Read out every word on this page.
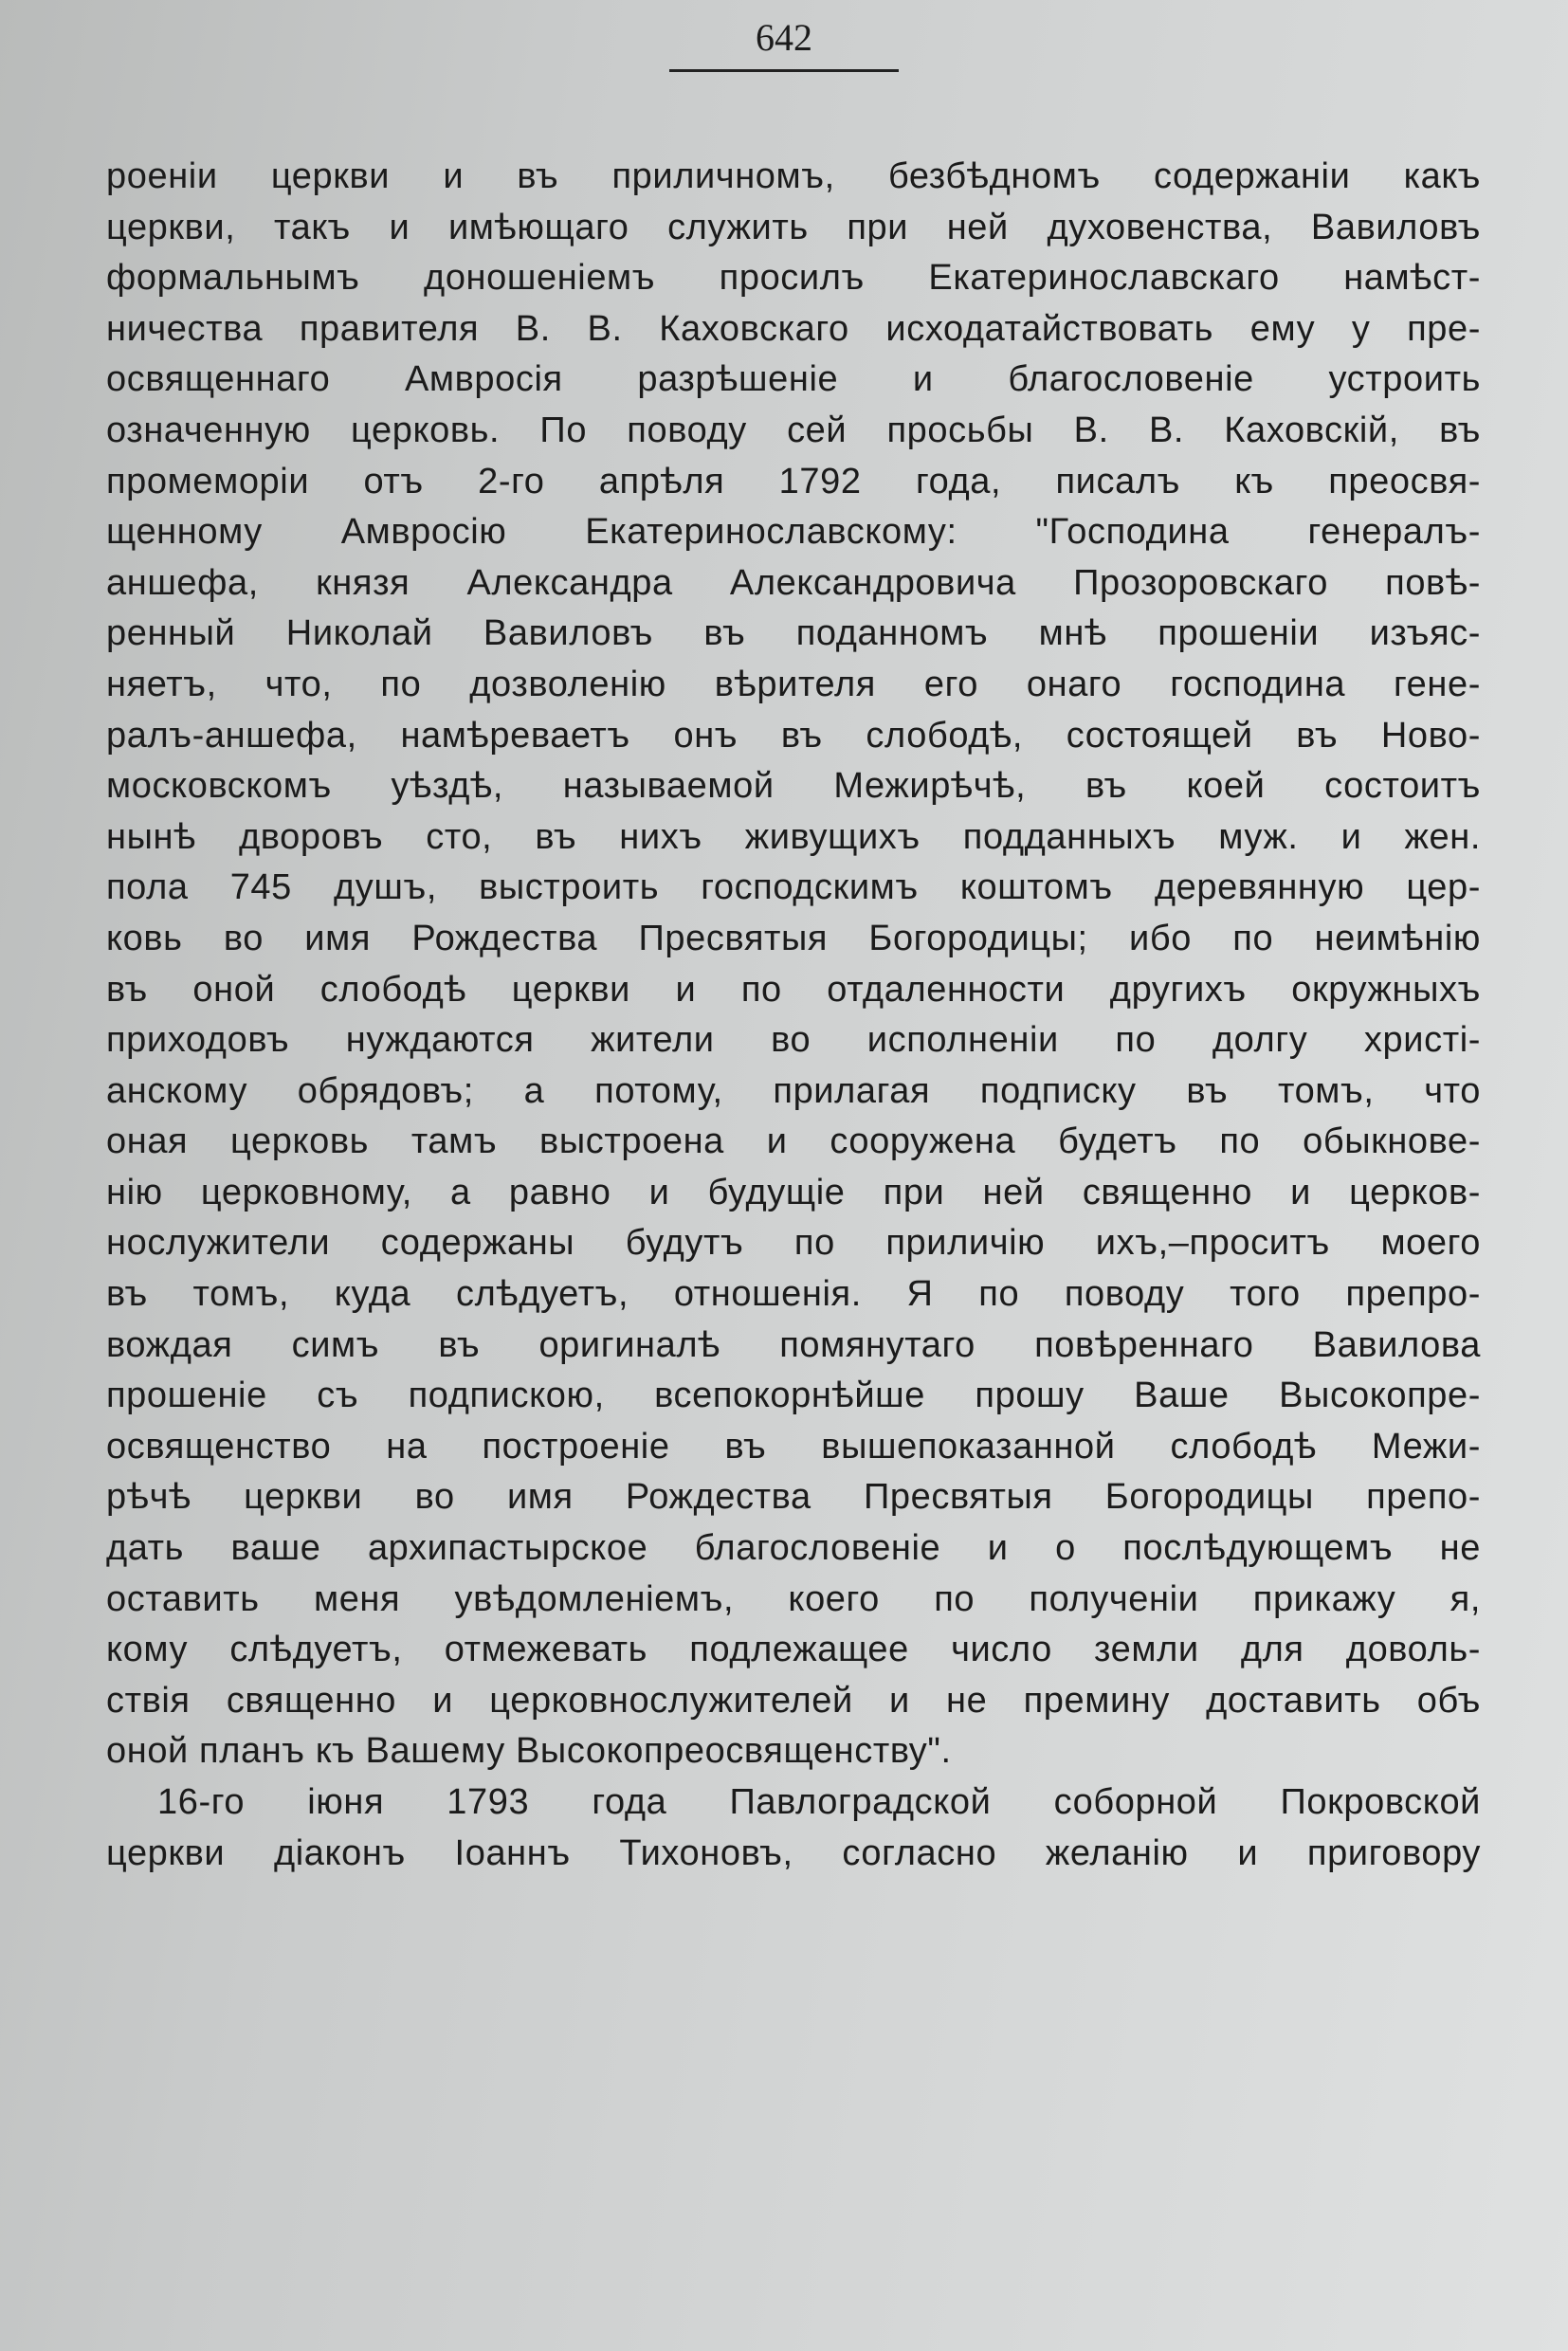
642
роенiи церкви и въ приличномъ, безбѣдномъ содержанiи какъ
церкви, такъ и имѣющаго служить при ней духовенства, Вавиловъ
формальнымъ доношенiемъ просилъ Екатеринославскаго намѣст-
ничества правителя В. В. Каховскаго исходатайствовать ему у пре-
освященнаго Амвросiя разрѣшенiе и благословенiе устроить
означенную церковь. По поводу сей просьбы В. В. Каховскiй, въ
промеморiи отъ 2-го апрѣля 1792 года, писалъ къ преосвя-
щенному Амвросiю Екатеринославскому: "Господина генералъ-
аншефа, князя Александра Александровича Прозоровскаго повѣ-
ренный Николай Вавиловъ въ поданномъ мнѣ прошенiи изъяс-
няетъ, что, по дозволенiю вѣрителя его онаго господина гене-
ралъ-аншефа, намѣреваетъ онъ въ слободѣ, состоящей въ Ново-
московскомъ уѣздѣ, называемой Межирѣчѣ, въ коей состоитъ
нынѣ дворовъ сто, въ нихъ живущихъ подданныхъ муж. и жен.
пола 745 душъ, выстроить господскимъ коштомъ деревянную цер-
ковь во имя Рождества Пресвятыя Богородицы; ибо по неимѣнiю
въ оной слободѣ церкви и по отдаленности другихъ окружныхъ
приходовъ нуждаются жители во исполненiи по долгу христi-
анскому обрядовъ; а потому, прилагая подписку въ томъ, что
оная церковь тамъ выстроена и сооружена будетъ по обыкнове-
нiю церковному, а равно и будущiе при ней священно и церков-
нослужители содержаны будутъ по приличiю ихъ,–проситъ моего
въ томъ, куда слѣдуетъ, отношенiя. Я по поводу того препро-
вождая симъ въ оригиналѣ помянутаго повѣреннаго Вавилова
прошенiе съ подпискою, всепокорнѣйше прошу Ваше Высокопре-
освященство на построенiе въ вышепоказанной слободѣ Межи-
рѣчѣ церкви во имя Рождества Пресвятыя Богородицы препо-
дать ваше архипастырское благословенiе и о послѣдующемъ не
оставить меня увѣдомленiемъ, коего по полученiи прикажу я,
кому слѣдуетъ, отмежевать подлежащее число земли для доволь-
ствiя священно и церковнослужителей и не премину доставить объ
оной планъ къ Вашему Высокопреосвященству".
16-го iюня 1793 года Павлоградской соборной Покровской
церкви дiаконъ Iоаннъ Тихоновъ, согласно желанiю и приговору
